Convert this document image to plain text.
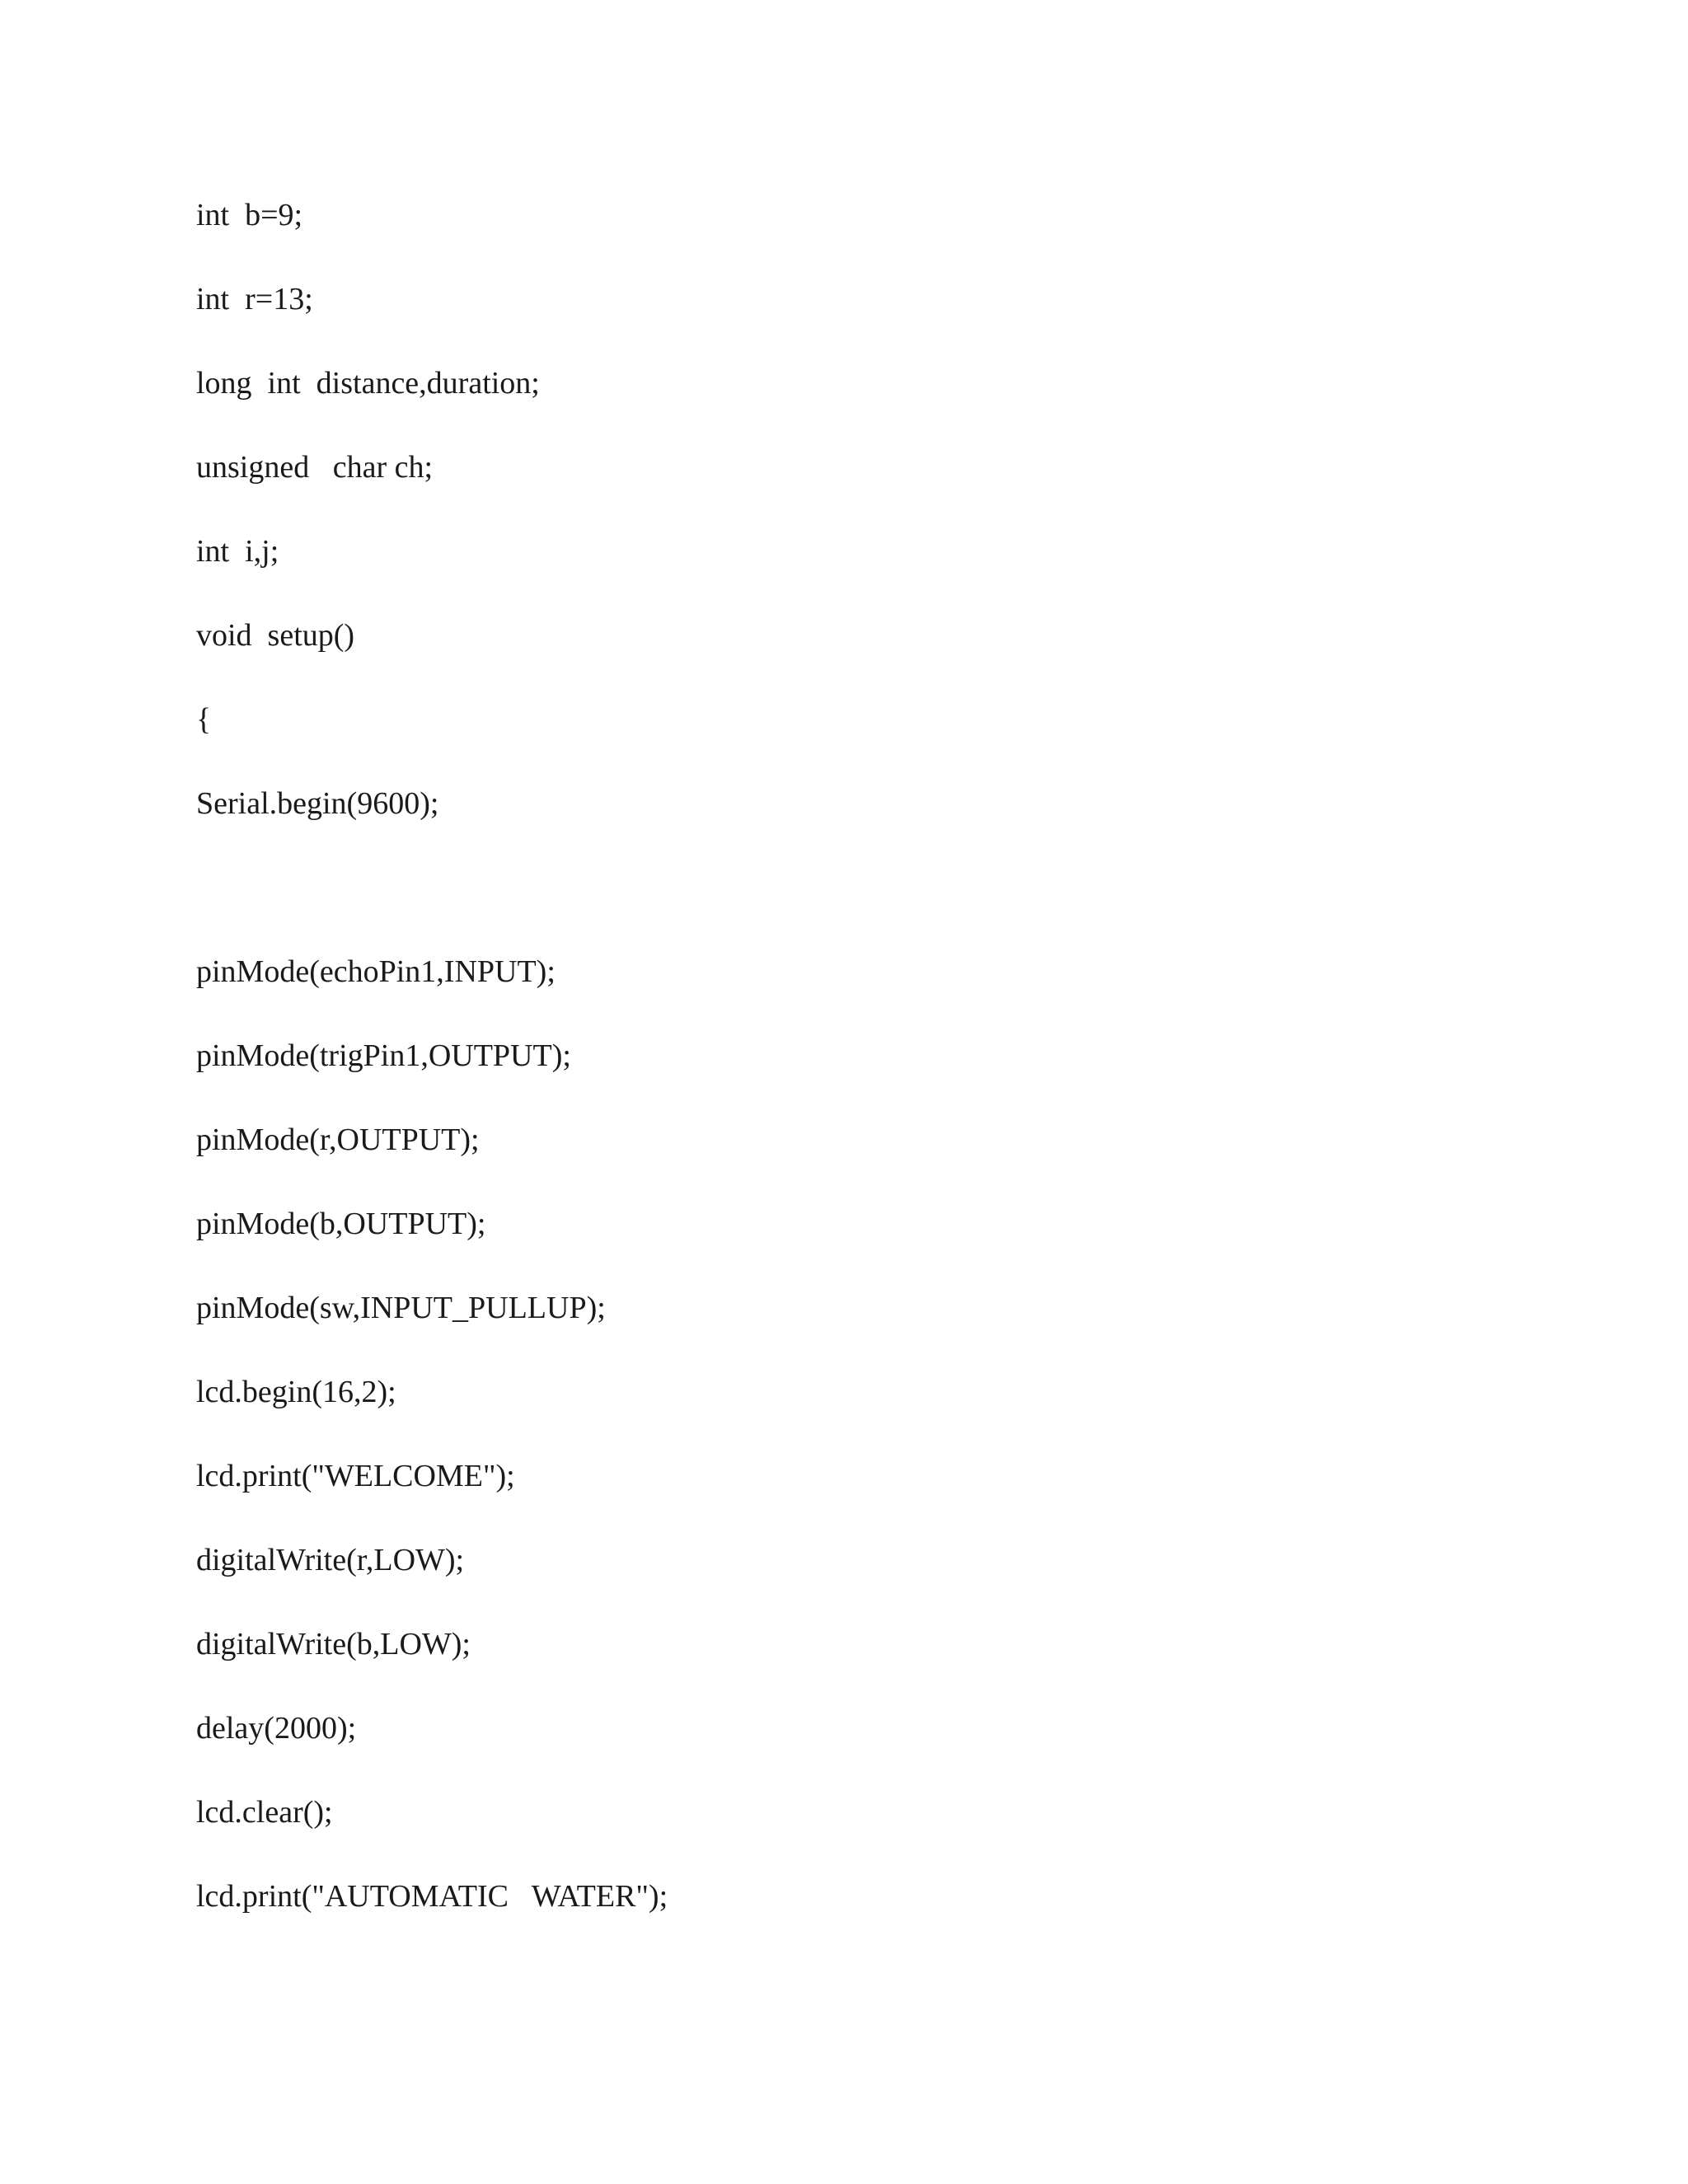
int  b=9;
int  r=13;
long  int  distance,duration;
unsigned   char ch;
int  i,j;
void  setup()
{
Serial.begin(9600);
pinMode(echoPin1,INPUT);
pinMode(trigPin1,OUTPUT);
pinMode(r,OUTPUT);
pinMode(b,OUTPUT);
pinMode(sw,INPUT_PULLUP);
lcd.begin(16,2);
lcd.print("WELCOME");
digitalWrite(r,LOW);
digitalWrite(b,LOW);
delay(2000);
lcd.clear();
lcd.print("AUTOMATIC   WATER");
